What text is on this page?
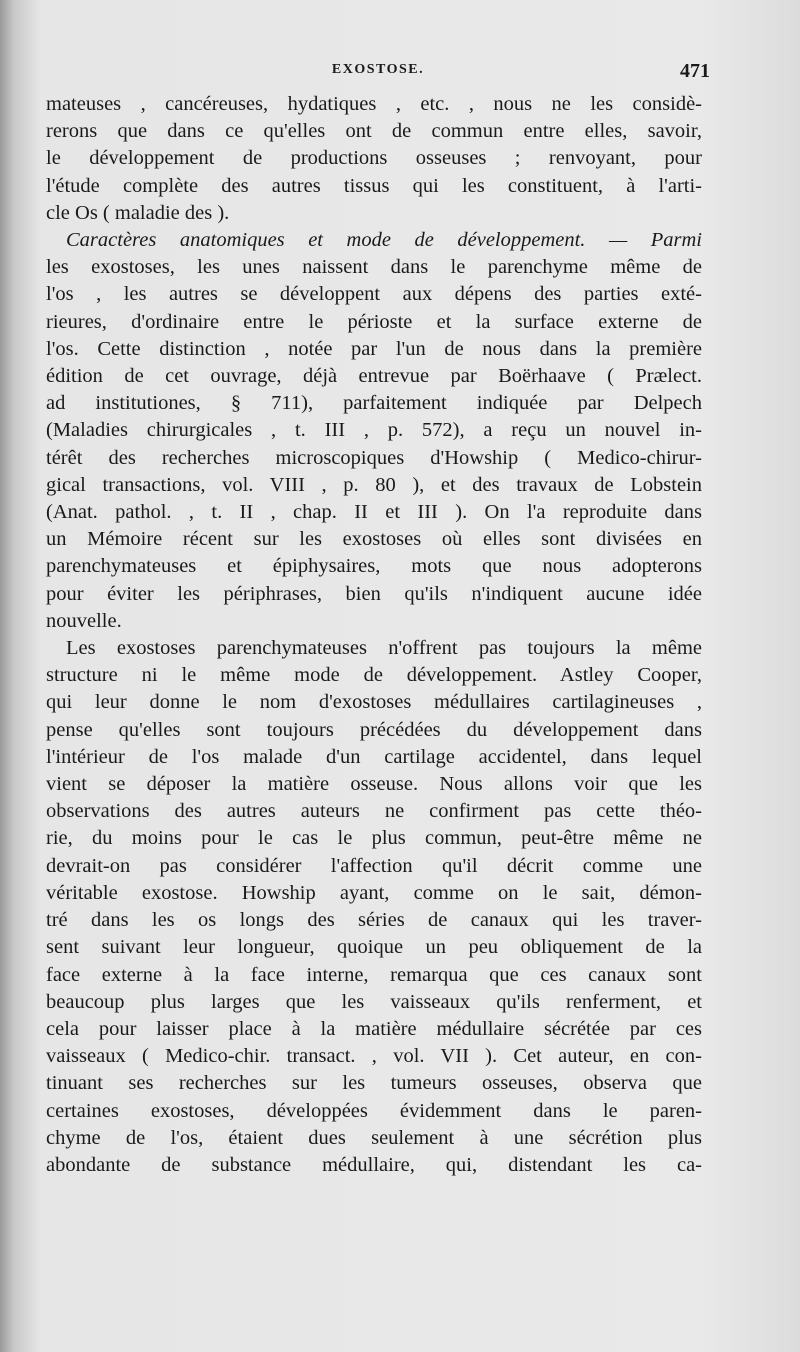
EXOSTOSE.	471

mateuses , cancéreuses, hydatiques , etc. , nous ne les considè-
rerons que dans ce qu'elles ont de commun entre elles, savoir,
le développement de productions osseuses ; renvoyant, pour
l'étude complète des autres tissus qui les constituent, à l'arti-
cle Os ( maladie des ).

Caractères anatomiques et mode de développement. — Parmi
les exostoses, les unes naissent dans le parenchyme même de
l'os , les autres se développent aux dépens des parties exté-
rieures, d'ordinaire entre le périoste et la surface externe de
l'os. Cette distinction , notée par l'un de nous dans la première
édition de cet ouvrage, déjà entrevue par Boërhaave ( Prælect.
ad institutiones, § 711), parfaitement indiquée par Delpech
(Maladies chirurgicales , t. III , p. 572), a reçu un nouvel in-
térêt des recherches microscopiques d'Howship ( Medico-chirur-
gical transactions, vol. VIII , p. 80 ), et des travaux de Lobstein
(Anat. pathol. , t. II , chap. II et III ). On l'a reproduite dans
un Mémoire récent sur les exostoses où elles sont divisées en
parenchymateuses et épiphysaires, mots que nous adopterons
pour éviter les périphrases, bien qu'ils n'indiquent aucune idée
nouvelle.

Les exostoses parenchymateuses n'offrent pas toujours la même
structure ni le même mode de développement. Astley Cooper,
qui leur donne le nom d'exostoses médullaires cartilagineuses ,
pense qu'elles sont toujours précédées du développement dans
l'intérieur de l'os malade d'un cartilage accidentel, dans lequel
vient se déposer la matière osseuse. Nous allons voir que les
observations des autres auteurs ne confirment pas cette théo-
rie, du moins pour le cas le plus commun, peut-être même ne
devrait-on pas considérer l'affection qu'il décrit comme une
véritable exostose. Howship ayant, comme on le sait, démon-
tré dans les os longs des séries de canaux qui les traver-
sent suivant leur longueur, quoique un peu obliquement de la
face externe à la face interne, remarqua que ces canaux sont
beaucoup plus larges que les vaisseaux qu'ils renferment, et
cela pour laisser place à la matière médullaire sécrétée par ces
vaisseaux ( Medico-chir. transact. , vol. VII ). Cet auteur, en con-
tinuant ses recherches sur les tumeurs osseuses, observa que
certaines exostoses, développées évidemment dans le paren-
chyme de l'os, étaient dues seulement à une sécrétion plus
abondante de substance médullaire, qui, distendant les ca-
